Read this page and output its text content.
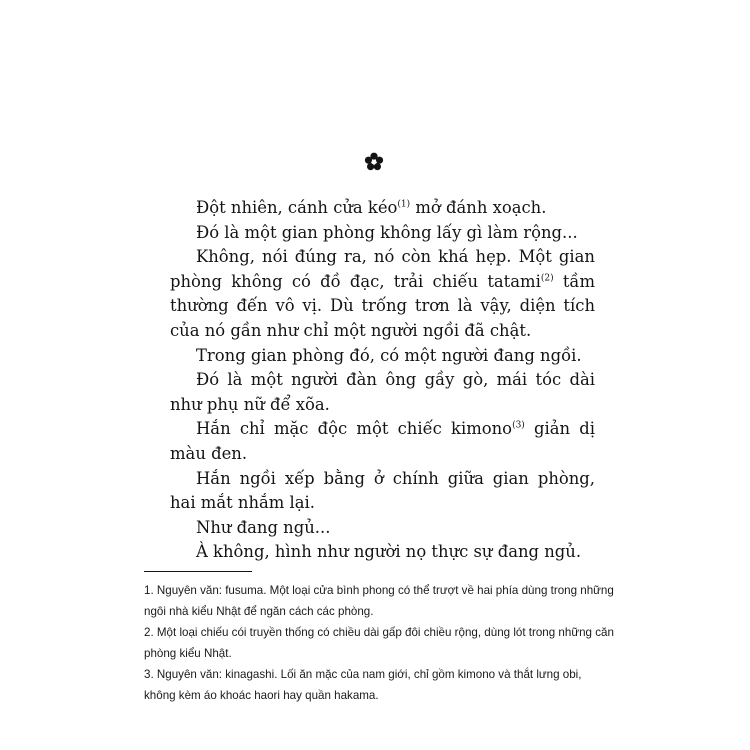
Đột nhiên, cánh cửa kéo$^{(1)}$ mở đánh xoạch.

Đó là một gian phòng không lấy gì làm rộng...

Không, nói đúng ra, nó còn khá hẹp. Một gian phòng không có đồ đạc, trải chiếu tatami$^{(2)}$ tầm thường đến vô vị. Dù trống trơn là vậy, diện tích của nó gần như chỉ một người ngồi đã chật.

Trong gian phòng đó, có một người đang ngồi.

Đó là một người đàn ông gầy gò, mái tóc dài như phụ nữ để xõa.

Hắn chỉ mặc độc một chiếc kimono$^{(3)}$ giản dị màu đen.

Hắn ngồi xếp bằng ở chính giữa gian phòng, hai mắt nhắm lại.

Như đang ngủ...

À không, hình như người nọ thực sự đang ngủ.

1. Nguyên văn: fusuma. Một loại cửa bình phong có thể trượt về hai phía dùng trong những ngôi nhà kiểu Nhật để ngăn cách các phòng.

2. Một loại chiếu cói truyền thống có chiều dài gấp đôi chiều rộng, dùng lót trong những căn phòng kiểu Nhật.

3. Nguyên văn: kinagashi. Lối ăn mặc của nam giới, chỉ gồm kimono và thắt lưng obi, không kèm áo khoác haori hay quần hakama.
